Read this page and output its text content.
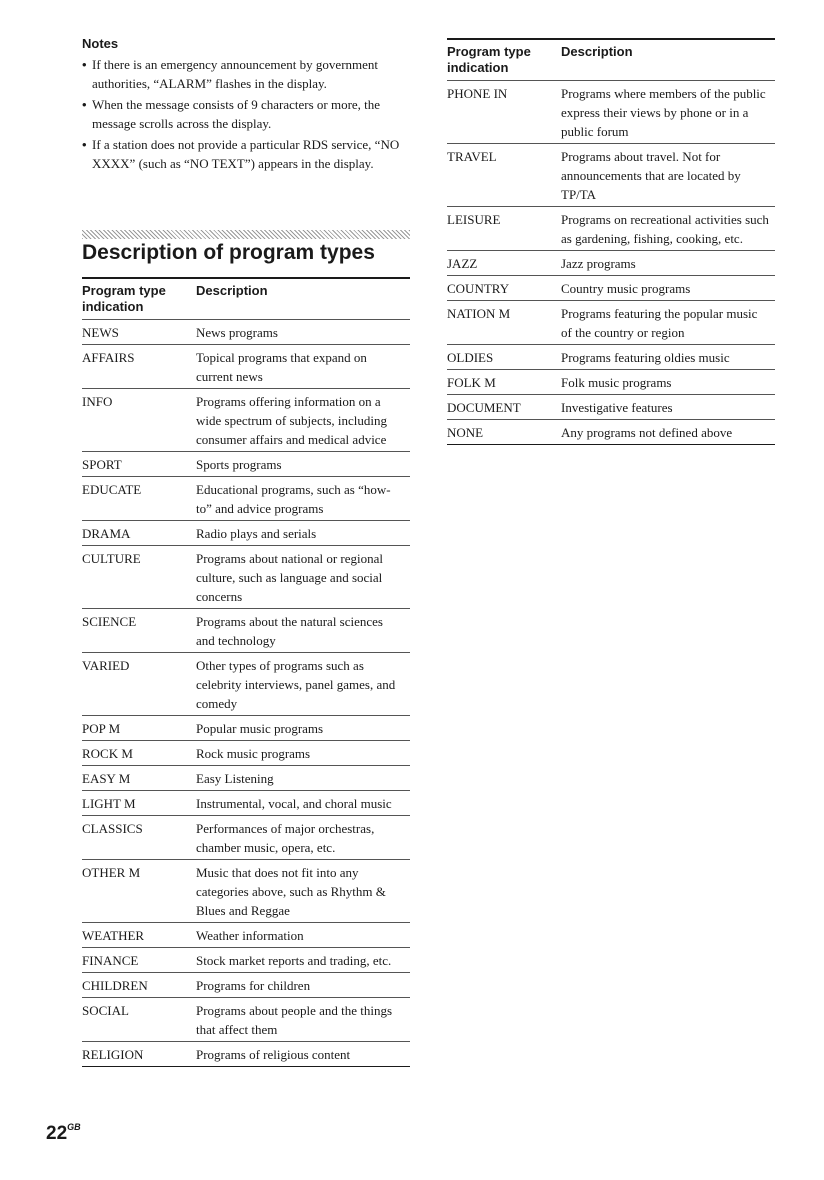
Notes
• If there is an emergency announcement by government authorities, “ALARM” flashes in the display.
• When the message consists of 9 characters or more, the message scrolls across the display.
• If a station does not provide a particular RDS service, “NO XXXX” (such as “NO TEXT”) appears in the display.
Description of program types
Program type indication	Description
NEWS	News programs
AFFAIRS	Topical programs that expand on current news
INFO	Programs offering information on a wide spectrum of subjects, including consumer affairs and medical advice
SPORT	Sports programs
EDUCATE	Educational programs, such as “how-to” and advice programs
DRAMA	Radio plays and serials
CULTURE	Programs about national or regional culture, such as language and social concerns
SCIENCE	Programs about the natural sciences and technology
VARIED	Other types of programs such as celebrity interviews, panel games, and comedy
POP M	Popular music programs
ROCK M	Rock music programs
EASY M	Easy Listening
LIGHT M	Instrumental, vocal, and choral music
CLASSICS	Performances of major orchestras, chamber music, opera, etc.
OTHER M	Music that does not fit into any categories above, such as Rhythm & Blues and Reggae
WEATHER	Weather information
FINANCE	Stock market reports and trading, etc.
CHILDREN	Programs for children
SOCIAL	Programs about people and the things that affect them
RELIGION	Programs of religious content
Program type indication	Description
PHONE IN	Programs where members of the public express their views by phone or in a public forum
TRAVEL	Programs about travel. Not for announcements that are located by TP/TA
LEISURE	Programs on recreational activities such as gardening, fishing, cooking, etc.
JAZZ	Jazz programs
COUNTRY	Country music programs
NATION M	Programs featuring the popular music of the country or region
OLDIES	Programs featuring oldies music
FOLK M	Folk music programs
DOCUMENT	Investigative features
NONE	Any programs not defined above
$22^{GB}$
